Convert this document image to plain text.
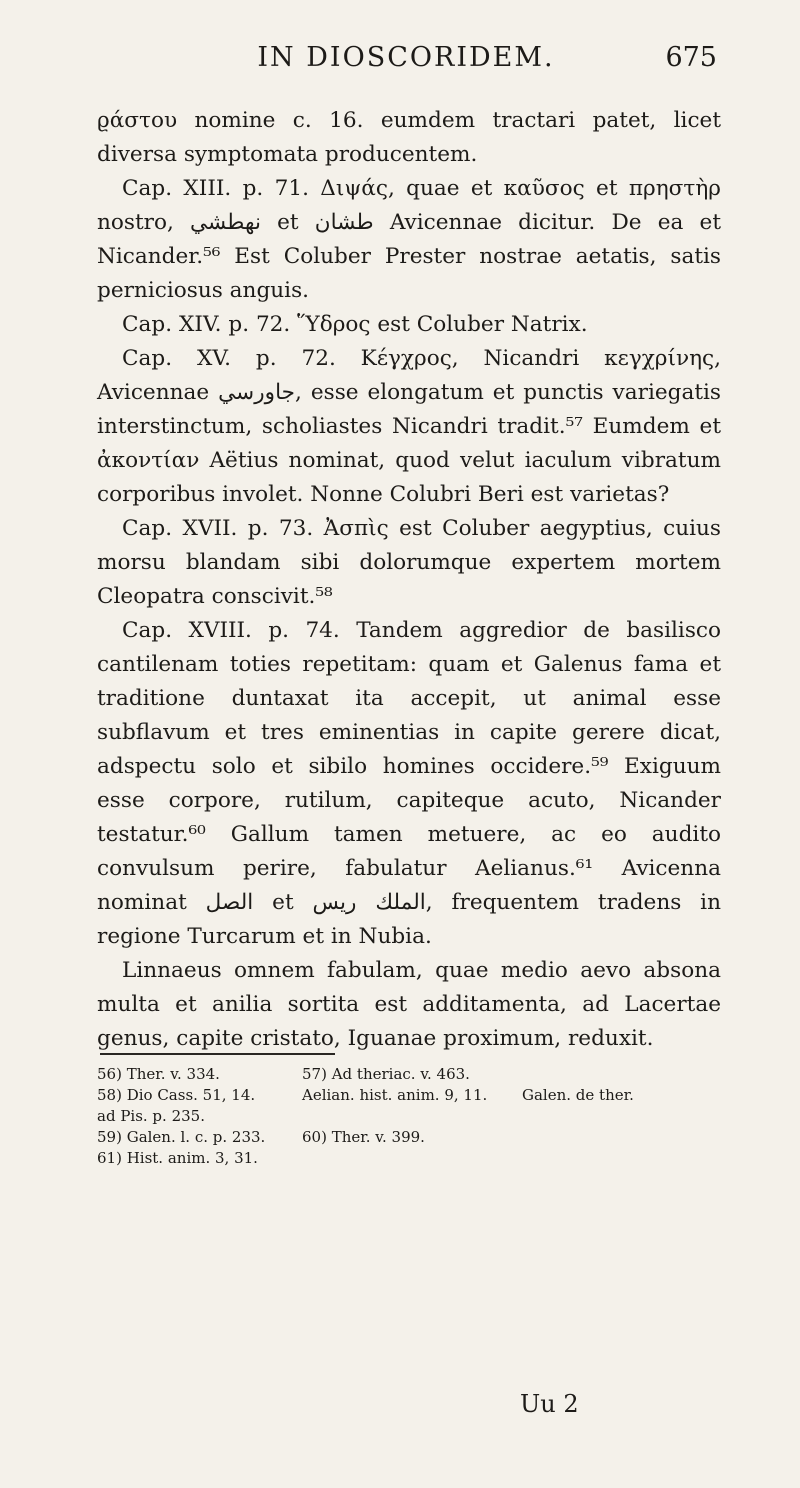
IN DIOSCORIDEM.	675

ϱάστου nomine c. 16. eumdem tractari patet, licet diversa symptomata producentem.

Cap. XIII. p. 71. Διψάς, quae et καῦσος et πρηστὴρ nostro, نهطشي et طشان Avicennae dicitur. De ea et Nicander.⁵⁶ Est Coluber Prester nostrae aetatis, satis perniciosus anguis.

Cap. XIV. p. 72. Ὕδρος est Coluber Natrix.

Cap. XV. p. 72. Κέγχρος, Nicandri κεγχρίνης, Avicennae جاورسي, esse elongatum et punctis variegatis interstinctum, scholiastes Nicandri tradit.⁵⁷ Eumdem et ἀκοντίαν Aëtius nominat, quod velut iaculum vibratum corporibus involet. Nonne Colubri Beri est varietas?

Cap. XVII. p. 73. Ἀσπὶς est Coluber aegyptius, cuius morsu blandam sibi dolorumque expertem mortem Cleopatra conscivit.⁵⁸

Cap. XVIII. p. 74. Tandem aggredior de basilisco cantilenam toties repetitam: quam et Galenus fama et traditione duntaxat ita accepit, ut animal esse subflavum et tres eminentias in capite gerere dicat, adspectu solo et sibilo homines occidere.⁵⁹ Exiguum esse corpore, rutilum, capiteque acuto, Nicander testatur.⁶⁰ Gallum tamen metuere, ac eo audito convulsum perire, fabulatur Aelianus.⁶¹ Avicenna nominat الصل et الملك ريس, frequentem tradens in regione Turcarum et in Nubia.

Linnaeus omnem fabulam, quae medio aevo absona multa et anilia sortita est additamenta, ad Lacertae genus, capite cristato, Iguanae proximum, reduxit.

56) Ther. v. 334.	57) Ad theriac. v. 463.
58) Dio Cass. 51, 14.	Aelian. hist. anim. 9, 11.	Galen. de ther.
ad Pis. p. 235.
59) Galen. l. c. p. 233.	60) Ther. v. 399.
61) Hist. anim. 3, 31.
Uu 2
